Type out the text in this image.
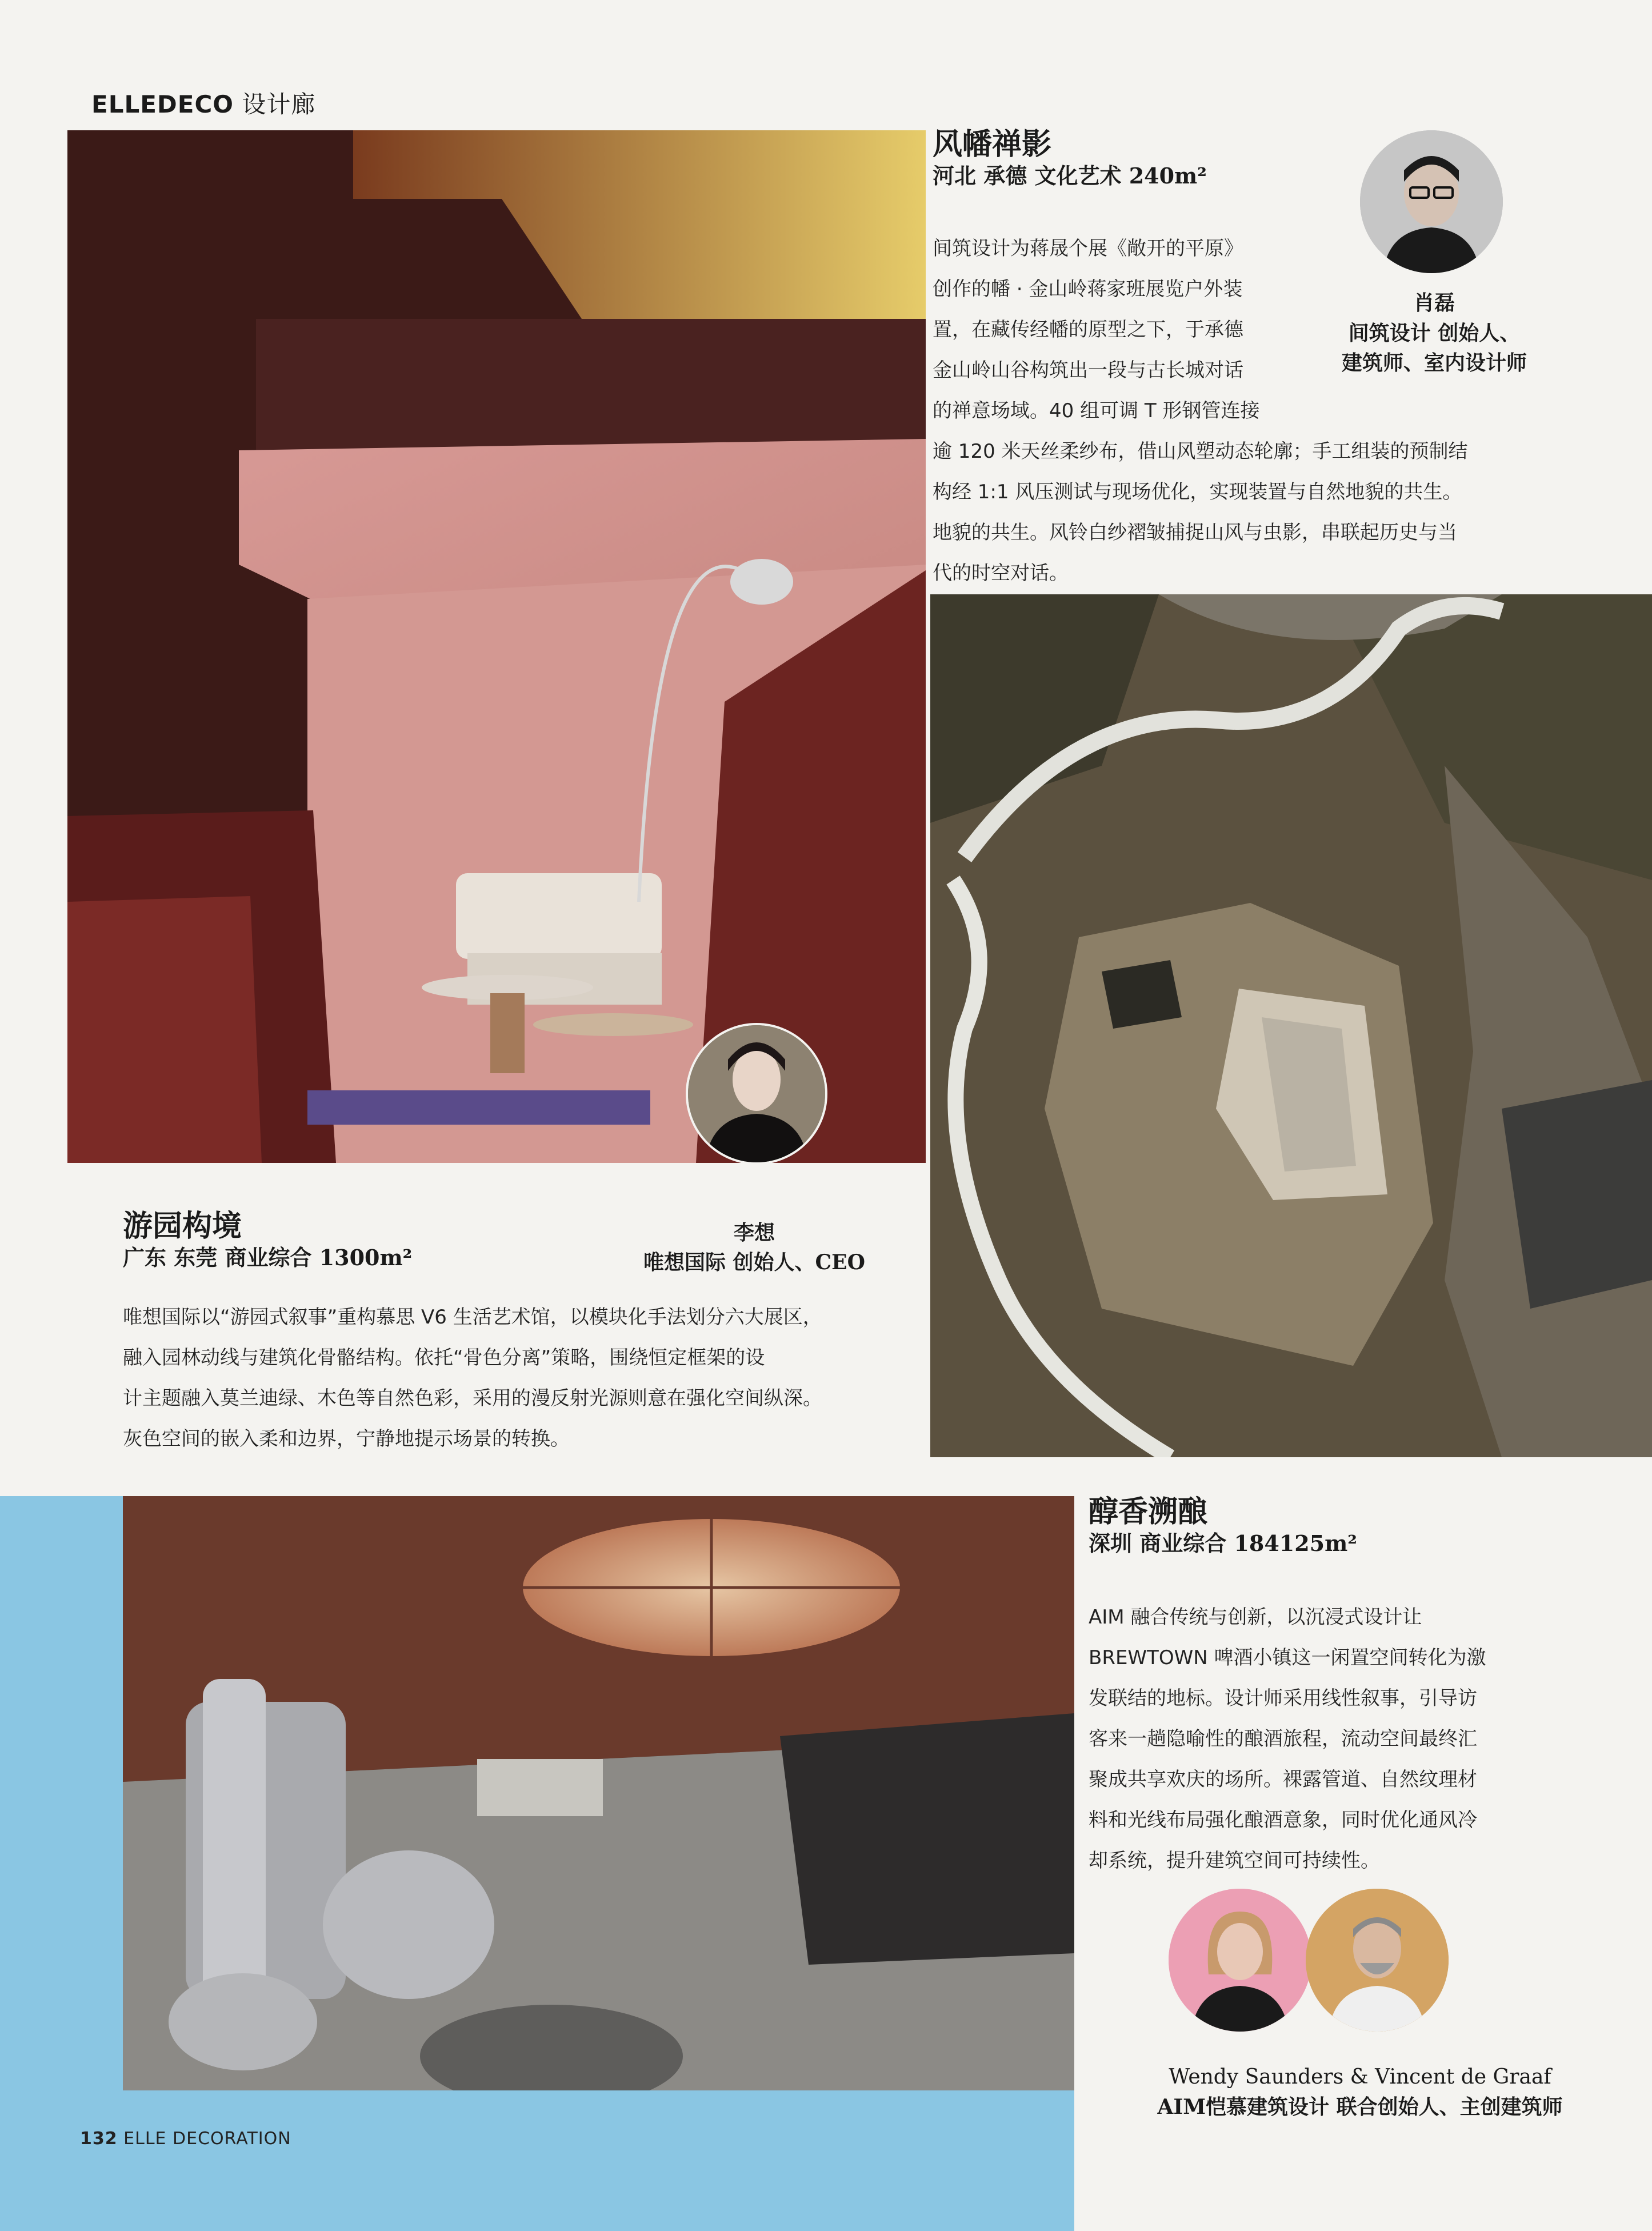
ELLEDECO 设计廊
游园构境
广东 东莞 商业综合 1300m²
李想
唯想国际 创始人、CEO
唯想国际以“游园式叙事”重构慕思 V6 生活艺术馆，以模块化手法划分六大展区，
融入园林动线与建筑化骨骼结构。依托“骨色分离”策略，围绕恒定框架的设
计主题融入莫兰迪绿、木色等自然色彩，采用的漫反射光源则意在强化空间纵深。
灰色空间的嵌入柔和边界，宁静地提示场景的转换。
风幡禅影
河北 承德 文化艺术 240m²
间筑设计为蒋晟个展《敞开的平原》
创作的幡 · 金山岭蒋家班展览户外装
置，在藏传经幡的原型之下，于承德
金山岭山谷构筑出一段与古长城对话
的禅意场域。40 组可调 T 形钢管连接
逾 120 米天丝柔纱布，借山风塑动态轮廓；手工组装的预制结
构经 1:1 风压测试与现场优化，实现装置与自然地貌的共生。
地貌的共生。风铃白纱褶皱捕捉山风与虫影，串联起历史与当
代的时空对话。
肖磊
间筑设计 创始人、
建筑师、室内设计师
醇香溯酿
深圳 商业综合 184125m²
AIM 融合传统与创新，以沉浸式设计让
BREWTOWN 啤酒小镇这一闲置空间转化为激
发联结的地标。设计师采用线性叙事，引导访
客来一趟隐喻性的酿酒旅程，流动空间最终汇
聚成共享欢庆的场所。裸露管道、自然纹理材
料和光线布局强化酿酒意象，同时优化通风冷
却系统，提升建筑空间可持续性。
Wendy Saunders & Vincent de Graaf
AIM恺慕建筑设计 联合创始人、主创建筑师
132 ELLE DECORATION
